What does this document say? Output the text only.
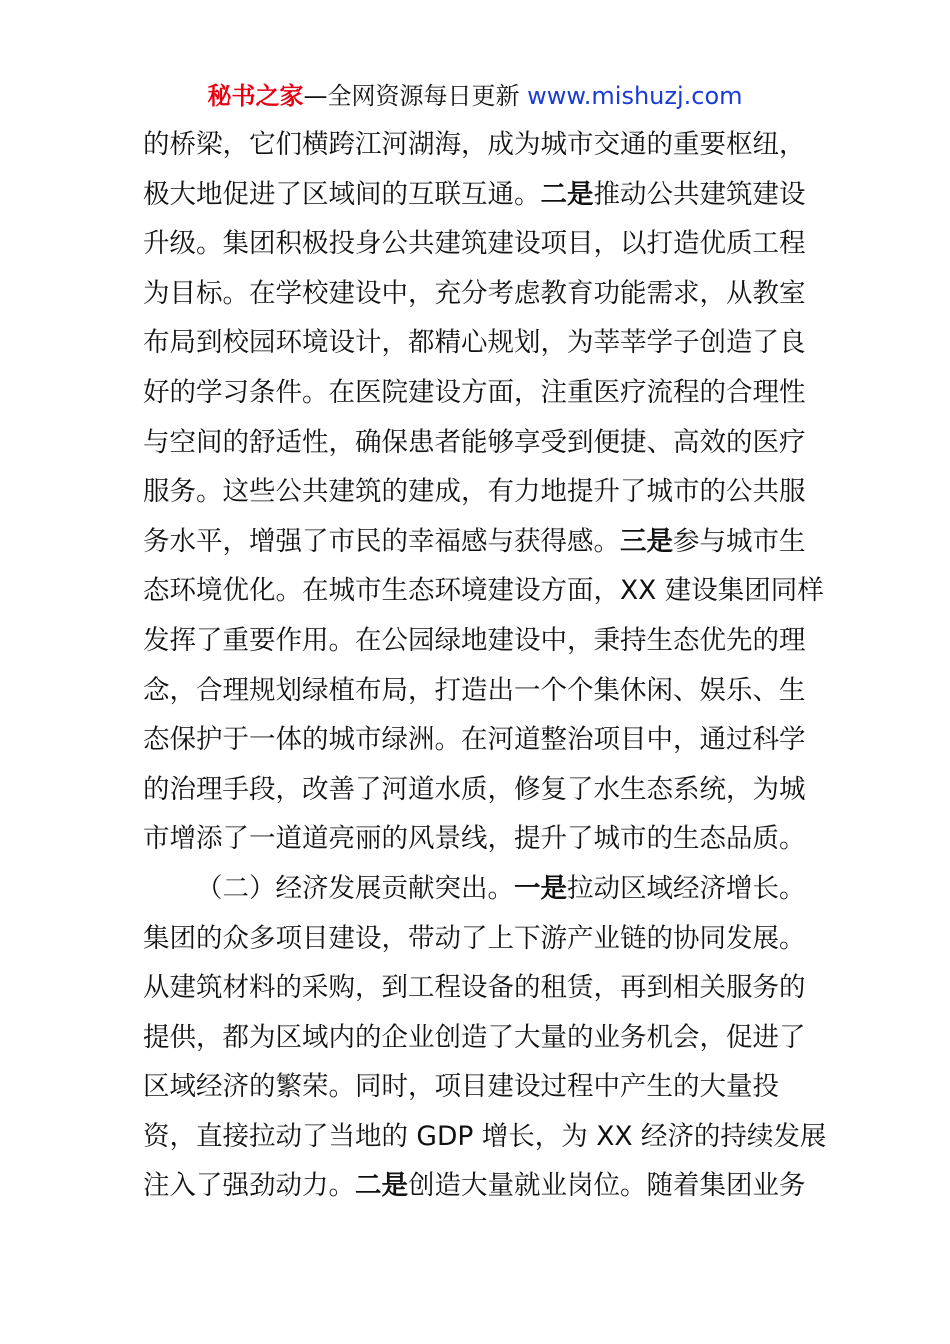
秘书之家—全网资源每日更新 www.mishuzj.com
的桥梁，它们横跨江河湖海，成为城市交通的重要枢纽，
极大地促进了区域间的互联互通。二是推动公共建筑建设
升级。集团积极投身公共建筑建设项目，以打造优质工程
为目标。在学校建设中，充分考虑教育功能需求，从教室
布局到校园环境设计，都精心规划，为莘莘学子创造了良
好的学习条件。在医院建设方面，注重医疗流程的合理性
与空间的舒适性，确保患者能够享受到便捷、高效的医疗
服务。这些公共建筑的建成，有力地提升了城市的公共服
务水平，增强了市民的幸福感与获得感。三是参与城市生
态环境优化。在城市生态环境建设方面，XX 建设集团同样
发挥了重要作用。在公园绿地建设中，秉持生态优先的理
念，合理规划绿植布局，打造出一个个集休闲、娱乐、生
态保护于一体的城市绿洲。在河道整治项目中，通过科学
的治理手段，改善了河道水质，修复了水生态系统，为城
市增添了一道道亮丽的风景线，提升了城市的生态品质。
（二）经济发展贡献突出。一是拉动区域经济增长。
集团的众多项目建设，带动了上下游产业链的协同发展。
从建筑材料的采购，到工程设备的租赁，再到相关服务的
提供，都为区域内的企业创造了大量的业务机会，促进了
区域经济的繁荣。同时，项目建设过程中产生的大量投
资，直接拉动了当地的 GDP 增长，为 XX 经济的持续发展
注入了强劲动力。二是创造大量就业岗位。随着集团业务
